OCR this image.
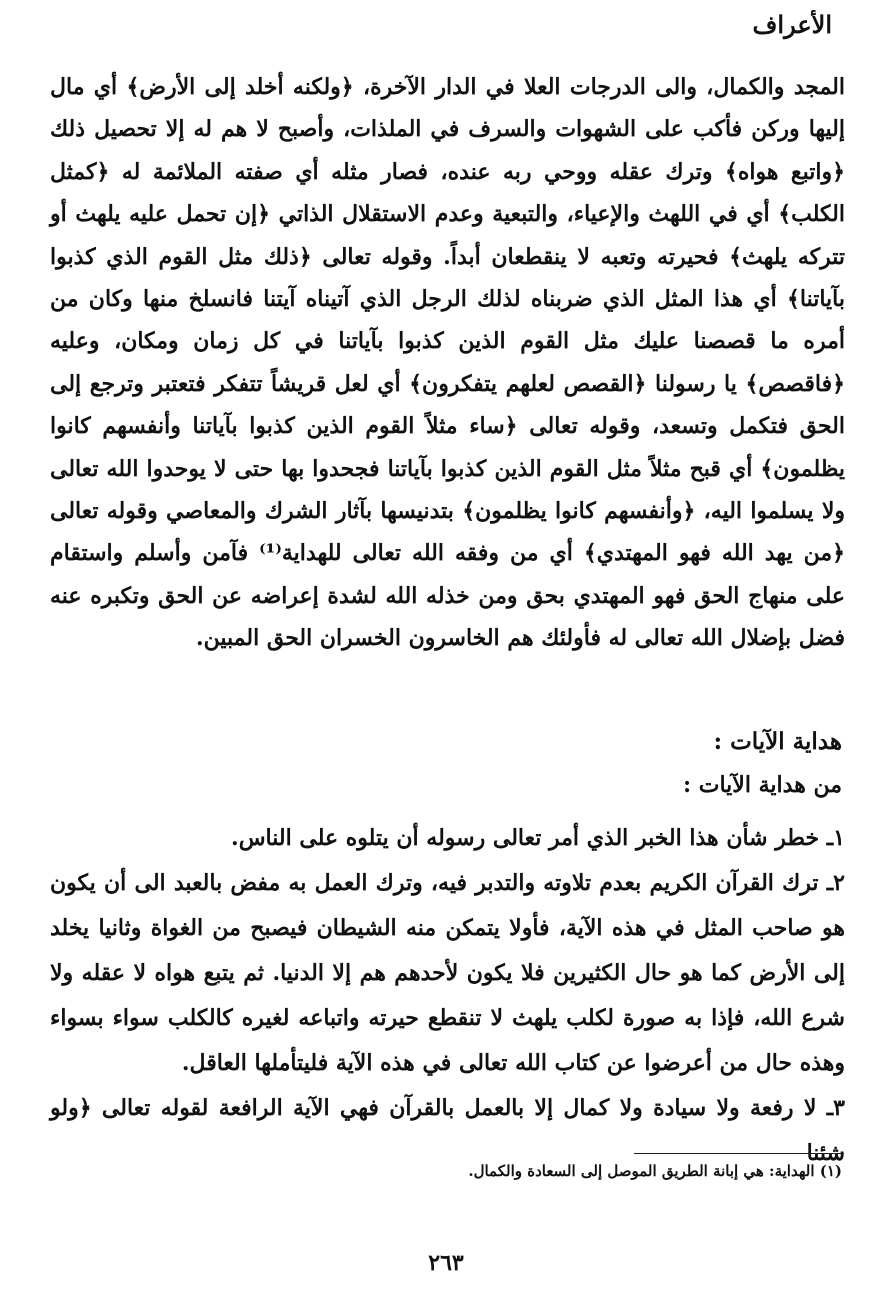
الأعراف

المجد والكمال، والى الدرجات العلا في الدار الآخرة، ﴿ولكنه أخلد إلى الأرض﴾ أي مال إليها وركن فأكب على الشهوات والسرف في الملذات، وأصبح لا هم له إلا تحصيل ذلك ﴿واتبع هواه﴾ وترك عقله ووحي ربه عنده، فصار مثله أي صفته الملائمة له ﴿كمثل الكلب﴾ أي في اللهث والإعياء، والتبعية وعدم الاستقلال الذاتي ﴿إن تحمل عليه يلهث أو تتركه يلهث﴾ فحيرته وتعبه لا ينقطعان أبداً. وقوله تعالى ﴿ذلك مثل القوم الذي كذبوا بآياتنا﴾ أي هذا المثل الذي ضربناه لذلك الرجل الذي آتيناه آيتنا فانسلخ منها وكان من أمره ما قصصنا عليك مثل القوم الذين كذبوا بآياتنا في كل زمان ومكان، وعليه ﴿فاقصص﴾ يا رسولنا ﴿القصص لعلهم يتفكرون﴾ أي لعل قريشاً تتفكر فتعتبر وترجع إلى الحق فتكمل وتسعد، وقوله تعالى ﴿ساء مثلاً القوم الذين كذبوا بآياتنا وأنفسهم كانوا يظلمون﴾ أي قبح مثلاً مثل القوم الذين كذبوا بآياتنا فجحدوا بها حتى لا يوحدوا الله تعالى ولا يسلموا اليه، ﴿وأنفسهم كانوا يظلمون﴾ بتدنيسها بآثار الشرك والمعاصي وقوله تعالى ﴿من يهد الله فهو المهتدي﴾ أي من وفقه الله تعالى للهداية⁽¹⁾ فآمن وأسلم واستقام على منهاج الحق فهو المهتدي بحق ومن خذله الله لشدة إعراضه عن الحق وتكبره عنه فضل بإضلال الله تعالى له فأولئك هم الخاسرون الخسران الحق المبين.

هداية الآيات :
من هداية الآيات :

١ـ خطر شأن هذا الخبر الذي أمر تعالى رسوله أن يتلوه على الناس.

٢ـ ترك القرآن الكريم بعدم تلاوته والتدبر فيه، وترك العمل به مفض بالعبد الى أن يكون هو صاحب المثل في هذه الآية، فأولا يتمكن منه الشيطان فيصبح من الغواة وثانيا يخلد إلى الأرض كما هو حال الكثيرين فلا يكون لأحدهم هم إلا الدنيا. ثم يتبع هواه لا عقله ولا شرع الله، فإذا به صورة لكلب يلهث لا تنقطع حيرته واتباعه لغيره كالكلب سواء بسواء وهذه حال من أعرضوا عن كتاب الله تعالى في هذه الآية فليتأملها العاقل.

٣ـ لا رفعة ولا سيادة ولا كمال إلا بالعمل بالقرآن فهي الآية الرافعة لقوله تعالى ﴿ولو شئنا

(١) الهداية: هي إبانة الطريق الموصل إلى السعادة والكمال.
٢٦٣
